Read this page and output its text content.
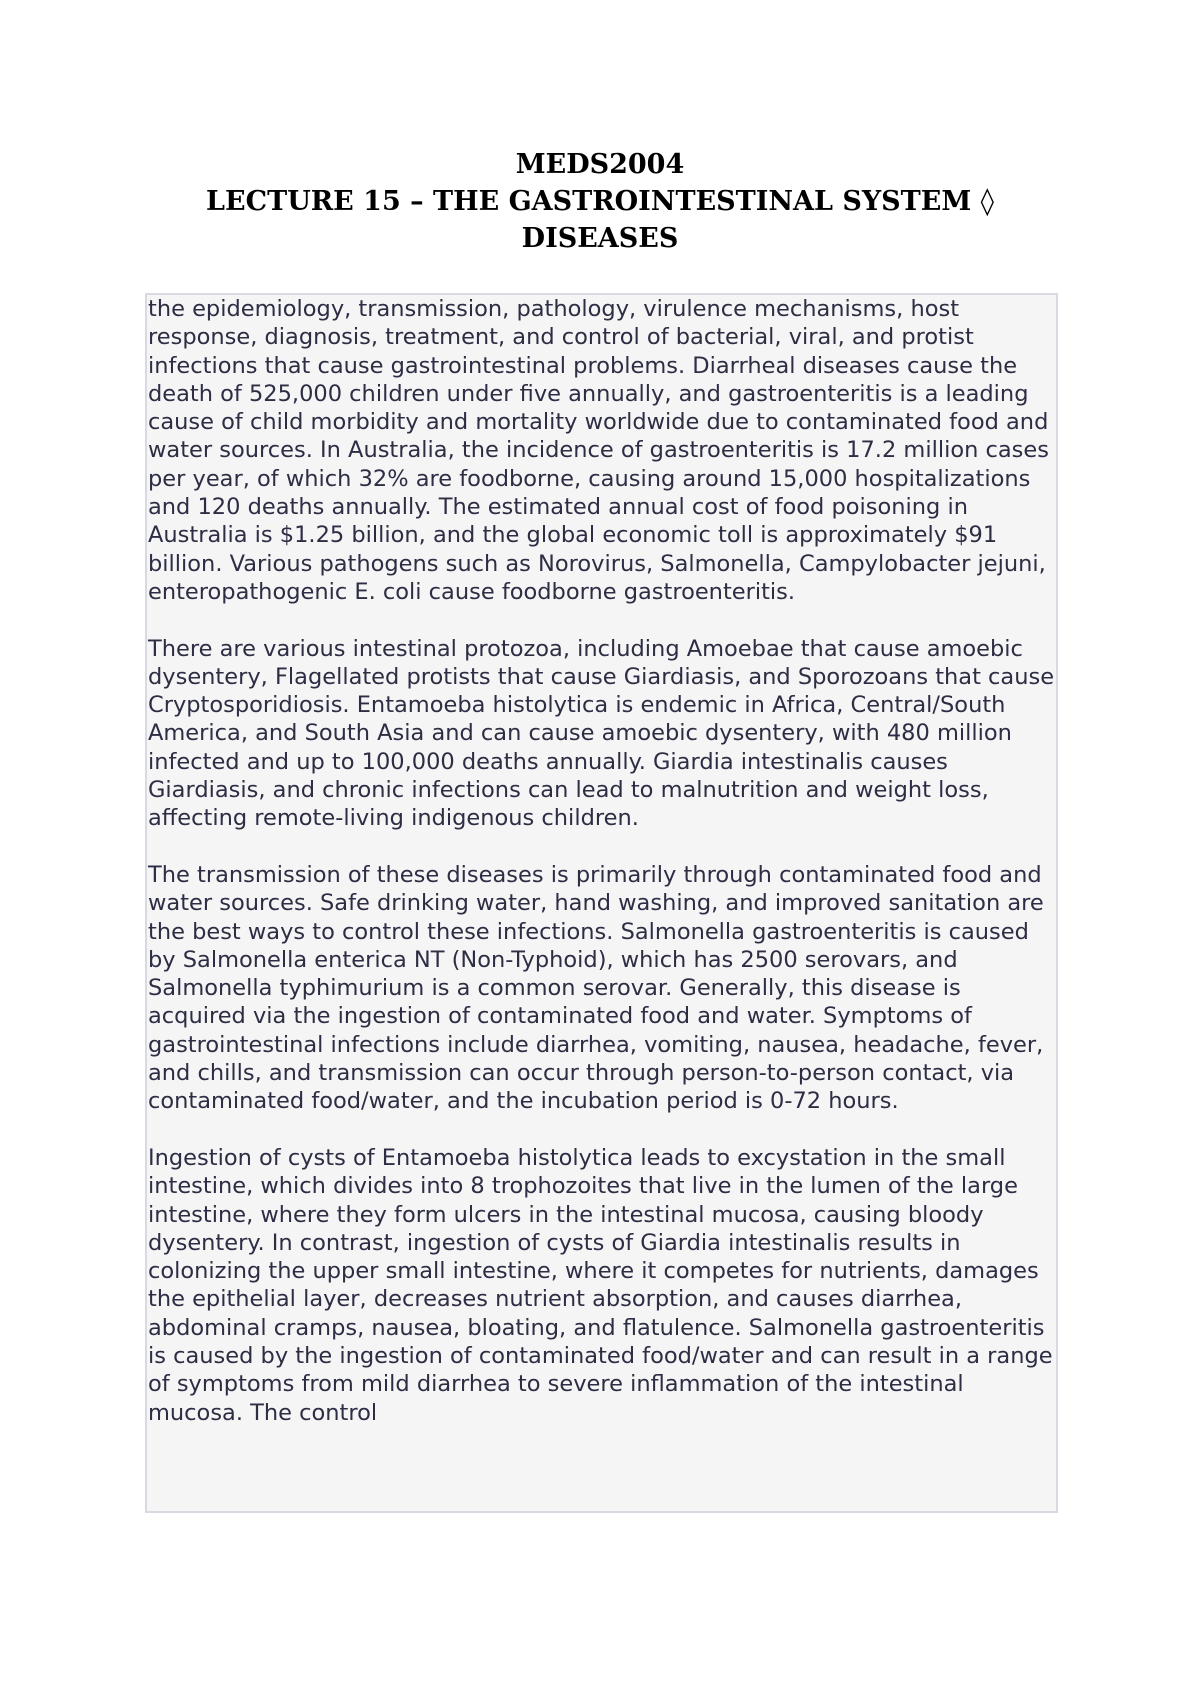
MEDS2004
LECTURE 15 – THE GASTROINTESTINAL SYSTEM ◊
DISEASES

the epidemiology, transmission, pathology, virulence mechanisms, host response, diagnosis, treatment, and control of bacterial, viral, and protist infections that cause gastrointestinal problems. Diarrheal diseases cause the death of 525,000 children under five annually, and gastroenteritis is a leading cause of child morbidity and mortality worldwide due to contaminated food and water sources. In Australia, the incidence of gastroenteritis is 17.2 million cases per year, of which 32% are foodborne, causing around 15,000 hospitalizations and 120 deaths annually. The estimated annual cost of food poisoning in Australia is $1.25 billion, and the global economic toll is approximately $91 billion. Various pathogens such as Norovirus, Salmonella, Campylobacter jejuni, enteropathogenic E. coli cause foodborne gastroenteritis.

There are various intestinal protozoa, including Amoebae that cause amoebic dysentery, Flagellated protists that cause Giardiasis, and Sporozoans that cause Cryptosporidiosis. Entamoeba histolytica is endemic in Africa, Central/South America, and South Asia and can cause amoebic dysentery, with 480 million infected and up to 100,000 deaths annually. Giardia intestinalis causes Giardiasis, and chronic infections can lead to malnutrition and weight loss, affecting remote-living indigenous children.

The transmission of these diseases is primarily through contaminated food and water sources. Safe drinking water, hand washing, and improved sanitation are the best ways to control these infections. Salmonella gastroenteritis is caused by Salmonella enterica NT (Non-Typhoid), which has 2500 serovars, and Salmonella typhimurium is a common serovar. Generally, this disease is acquired via the ingestion of contaminated food and water. Symptoms of gastrointestinal infections include diarrhea, vomiting, nausea, headache, fever, and chills, and transmission can occur through person-to-person contact, via contaminated food/water, and the incubation period is 0-72 hours.

Ingestion of cysts of Entamoeba histolytica leads to excystation in the small intestine, which divides into 8 trophozoites that live in the lumen of the large intestine, where they form ulcers in the intestinal mucosa, causing bloody dysentery. In contrast, ingestion of cysts of Giardia intestinalis results in colonizing the upper small intestine, where it competes for nutrients, damages the epithelial layer, decreases nutrient absorption, and causes diarrhea, abdominal cramps, nausea, bloating, and flatulence. Salmonella gastroenteritis is caused by the ingestion of contaminated food/water and can result in a range of symptoms from mild diarrhea to severe inflammation of the intestinal mucosa. The control
